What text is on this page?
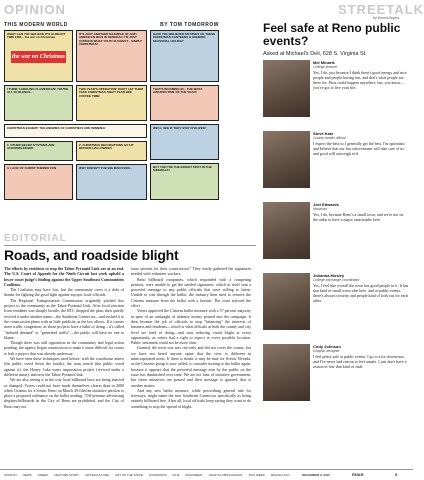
OPINION	STREETALK
by Dennis Myers
THIS MODERN WORLD	BY TOM TOMORROW
WHAT CAN YOU BELIEVE IT'S ALREADY TIME FOR... the war on Christmas
the war on Christmas
IT'S JUST ANOTHER EXAMPLE OF ANTI-AMERICAN BIAS IN GENERAL! I'M JUST CURIOUS WHAT YOU'D SUGGEST... SIMPLY CHRISTMAS!
HAVE YOU BELIEVED MYSTERY OF THESE CHRISTMAS CANTEENS & GENERIC SEASONAL HOLIDAY
I THINK CAROLING IS AMERICAN! YOU'RE ALL IN SILENCE...
THIS YEAR'S OPERATION! DON'T LET THEM TAKE CHRISTMAS AWAY! PLAN BEE COFFEE TIME!
THAT'S INCOMING IN... THE MOST AWAITED TIME OF THE YEAR!
CHRISTMAS EXHIBIT! THE ENEMIES OF CHRISTMAS ARE WINNING!	WE'LL SEE IF THEY STAY CIVILIZED!
1. OTHER BELIEF SYSTEMS ARE ACKNOWLEDGED
2. CHRISTMAS DECORATIONS GO UP BEFORE HALLOWEEN
3. LACK OF CHRIST-THEMED FUN	WHY DOESN'T THE BIG MAN EVER...	BUT THEY'RE THE BRIGHT SPOT IN THE SIDEWALK!
Feel safe at Reno public events?
Asked at Michael's Deli, 628 S. Virginia St.
Mel Minarik
College lecturer
Yes, I do, just because I think there's good energy and nice people and people having fun, and that's what people are there for. Paris could happen anywhere, but, you know—you've got to live your life.
Steve Katz
County health official
I expect the best so I generally get the best. I'm optimistic and believe that our law enforcement will take care of us and good will outweigh evil.
Joel Edwards
Musician
Yes, I do, because Reno's a small town, and we're not on the radar to have a major catastrophe here.
Johanna Mosley
College exchange coordinator
Yes, I feel like overall the town has good people in it. It has that kind of small-town vibe here, and at public events, there's always security and people kind of look out for each other.
Cody Johnson
Graphic designer
I feel pretty safe at public events. I go to a lot downtown, and I've never had reason to feel unsafe. I just don't have a reason to fear that kind of stuff.
EDITORIAL
Roads, and roadside blight

The efforts by residents to stop the Tahoe Pyramid Link are at an end. The U.S. Court of Appeals for the Ninth Circuit last week upheld a lower court judge's finding against the Upper Southeast Communities Coalition.

The Coalition may have lost, but the community owes it a debt of thanks for fighting the good fight against myopic local officials.

The Regional Transportation Commission originally pitched this project to the community as the Tahoe Pyramid Link. After local reaction from residents was sharply hostile, the RTC dropped the plan, then quietly revived it under another name—the Southeast Connector—and rushed it to the construction phase with as little publicity as the law allows. If it causes more traffic congestion, as those projects have a habit of doing—it's called "induced demand" or "generated traffic"—the public will have no one to blame.

Though there was still opposition in the community and legal action pending, the agency began construction to make it more difficult for courts to halt a project that was already underway.

We have seen these techniques used before, with the courthouse annex (the public voted down the bonds), the train trench (the public voted against it), the Honey Lake water importation project (revived under a different name), and now the Tahoe Pyramid link.

We are also seeing it in the way local billboard laws are being enacted or changed. Voters could not have made themselves clearer than in 2000 when Citizens for a Scenic Reno on March 29 filed an initiative petition to place a proposed ordinance on the ballot reading, "Off-premise advertising displays/billboards in the City of Reno are prohibited, and the City of Reno may not

issue permits for their construction." They easily gathered the signatures needed with volunteer workers.

Reno billboard companies, which responded with a competing petition, were unable to get the needed signatures, which in itself sent a powerful message to any public officials that were willing to listen. Unable to win through the ballot, the industry then tried to remove the Citizens measure from the ballot with a lawsuit. The court rejected the effort.

Voters approved the Citizens ballot measure with a 57 percent majority in spite of an onslaught of industry money poured into the campaign. It then became the job of officials to stop "balancing" the interests of business and residents—which is what officials at both the county and city level are fond of doing—and start reducing visual blight at every opportunity, as voters had a right to expect at every possible location. Public sentiment could not be more clear.

Granted, the town was was city-only and did not cover the county, but we have not heard anyone opine that the view is different in unincorporated areas. If there is doubt, it may be time for Scenic Nevada, as the Citizens group is now called, to consider turning to the ballot again, because it appears that the powerful message sent by the public on the issue has diminished over time. We are not fans of initiative government, but when initiatives are passed and their message is ignored, that is another matter.

And any new ballot measure, while prescribing general rule for freeways, might name the new Southeast Connector specifically as being entirely billboard free. After all, local officials keep saying they want to do something to stop the spread of blight.

OPINION NEWS GREEN FEATURE STORY ARTS&CULTURE ART OF THE STATE FOODFINDS FILM MUSICBEAT NIGHTCLUBS/CASINOS THIS WEEK MISCELLANY	DECEMBER 3, 2015	RN&R	5
